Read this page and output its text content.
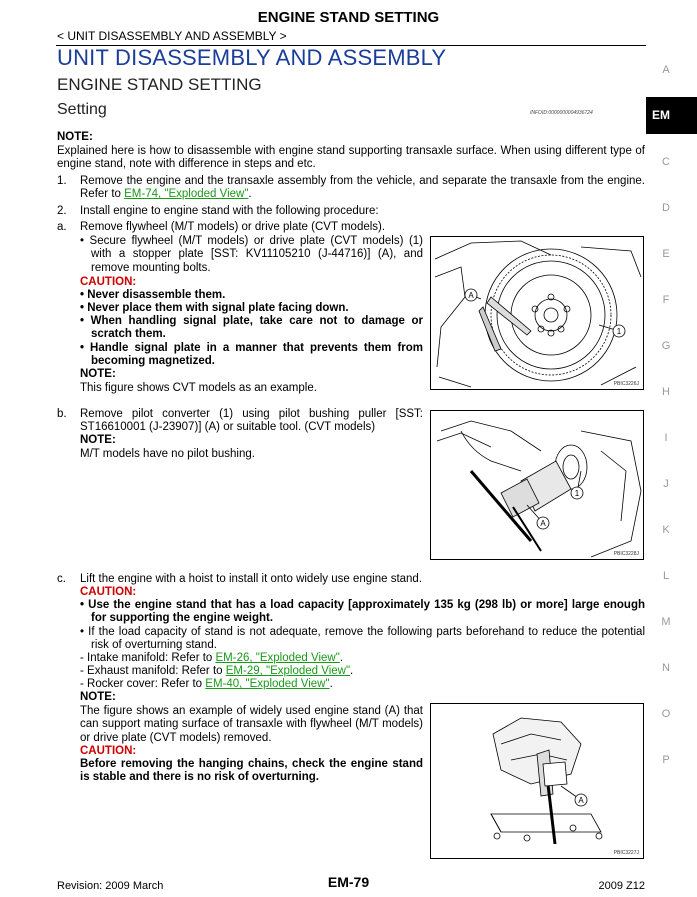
ENGINE STAND SETTING
< UNIT DISASSEMBLY AND ASSEMBLY >
UNIT DISASSEMBLY AND ASSEMBLY
ENGINE STAND SETTING
Setting	INFOID:0000000004936724
A
EM
C
D
E
F
G
H
I
J
K
L
M
N
O
P
NOTE:
Explained here is how to disassemble with engine stand supporting transaxle surface. When using different type of engine stand, note with difference in steps and etc.
1. Remove the engine and the transaxle assembly from the vehicle, and separate the transaxle from the engine. Refer to EM-74, "Exploded View".
2. Install engine to engine stand with the following procedure:
a. Remove flywheel (M/T models) or drive plate (CVT models).
• Secure flywheel (M/T models) or drive plate (CVT models) (1) with a stopper plate [SST: KV11105210 (J-44716)] (A), and remove mounting bolts.
CAUTION:
• Never disassemble them.
• Never place them with signal plate facing down.
• When handling signal plate, take care not to damage or scratch them.
• Handle signal plate in a manner that prevents them from becoming magnetized.
NOTE:
This figure shows CVT models as an example.
A
1
PBIC3226J
b. Remove pilot converter (1) using pilot bushing puller [SST: ST16610001 (J-23907)] (A) or suitable tool. (CVT models)
NOTE:
M/T models have no pilot bushing.
A
1
PBIC3228J
c. Lift the engine with a hoist to install it onto widely use engine stand.
CAUTION:
• Use the engine stand that has a load capacity [approximately 135 kg (298 lb) or more] large enough for supporting the engine weight.
• If the load capacity of stand is not adequate, remove the following parts beforehand to reduce the potential risk of overturning stand.
- Intake manifold: Refer to EM-26, "Exploded View".
- Exhaust manifold: Refer to EM-29, "Exploded View".
- Rocker cover: Refer to EM-40, "Exploded View".
NOTE:
The figure shows an example of widely used engine stand (A) that can support mating surface of transaxle with flywheel (M/T models) or drive plate (CVT models) removed.
CAUTION:
Before removing the hanging chains, check the engine stand is stable and there is no risk of overturning.
A
PBIC3227J
Revision: 2009 March	EM-79	2009 Z12
